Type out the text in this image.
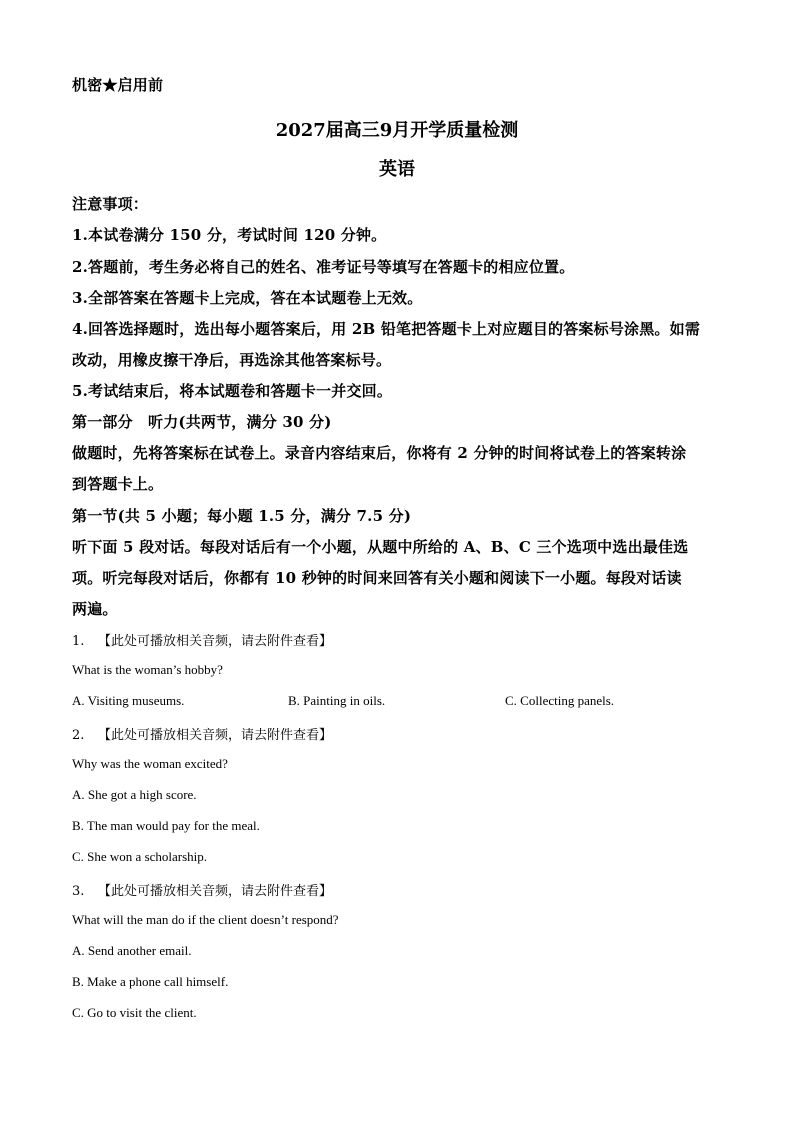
机密★启用前
2027届高三9月开学质量检测
英语
注意事项：
1.本试卷满分 150 分，考试时间 120 分钟。
2.答题前，考生务必将自己的姓名、准考证号等填写在答题卡的相应位置。
3.全部答案在答题卡上完成，答在本试题卷上无效。
4.回答选择题时，选出每小题答案后，用 2B 铅笔把答题卡上对应题目的答案标号涂黑。如需
改动，用橡皮擦干净后，再选涂其他答案标号。
5.考试结束后，将本试题卷和答题卡一并交回。
第一部分　听力(共两节，满分 30 分)
做题时，先将答案标在试卷上。录音内容结束后，你将有 2 分钟的时间将试卷上的答案转涂
到答题卡上。
第一节(共 5 小题；每小题 1.5 分，满分 7.5 分)
听下面 5 段对话。每段对话后有一个小题，从题中所给的 A、B、C 三个选项中选出最佳选
项。听完每段对话后，你都有 10 秒钟的时间来回答有关小题和阅读下一小题。每段对话读
两遍。
1. 【此处可播放相关音频，请去附件查看】
What is the woman’s hobby?
A. Visiting museums.	B. Painting in oils.	C. Collecting panels.
2. 【此处可播放相关音频，请去附件查看】
Why was the woman excited?
A. She got a high score.
B. The man would pay for the meal.
C. She won a scholarship.
3. 【此处可播放相关音频，请去附件查看】
What will the man do if the client doesn’t respond?
A. Send another email.
B. Make a phone call himself.
C. Go to visit the client.
